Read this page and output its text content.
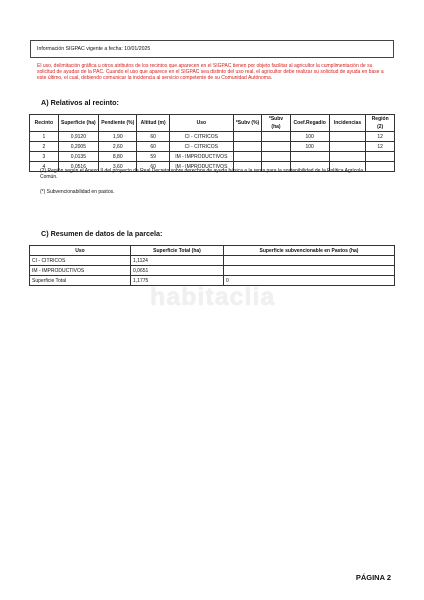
Información SIGPAC vigente a fecha: 10/01/2025
El uso, delimitación gráfica u otros atributos de los recintos que aparecen en el SIGPAC tienen por objeto facilitar al agricultor la cumplimentación de su solicitud de ayudas de la PAC. Cuando el uso que aparece en el SIGPAC sea distinto del uso real, el agricultor debe realizar su solicitud de ayuda en base a este último, el cual, debiendo comunicar la incidencia al servicio competente de su Comunidad Autónoma.
A) Relativos al recinto:
Recinto	Superficie (ha)	Pendiente (%)	Altitud (m)	Uso	*Subv (%)	*Subv (ha)	Coef.Regadío	Incidencias	Región (2)
1	0,9120	1,90	60	CI - CITRICOS			100		12
2	0,2005	2,60	60	CI - CITRICOS			100		12
3	0,0135	8,80	59	IM - IMPRODUCTIVOS					
4	0,0516	3,60	60	IM - IMPRODUCTIVOS					
(2) Región según el Anexo II del proyecto de Real Decreto sobre derechos de ayuda básica a la renta para la sostenibilidad de la Política Agrícola Común.
(*) Subvencionabilidad en pastos.
C) Resumen de datos de la parcela:
Uso	Superficie Total (ha)	Superficie subvencionable en Pastos (ha)
CI - CITRICOS	1,1124	
IM - IMPRODUCTIVOS	0,0651	
Superficie Total	1,1775	0
habitaclia
PÁGINA 2
